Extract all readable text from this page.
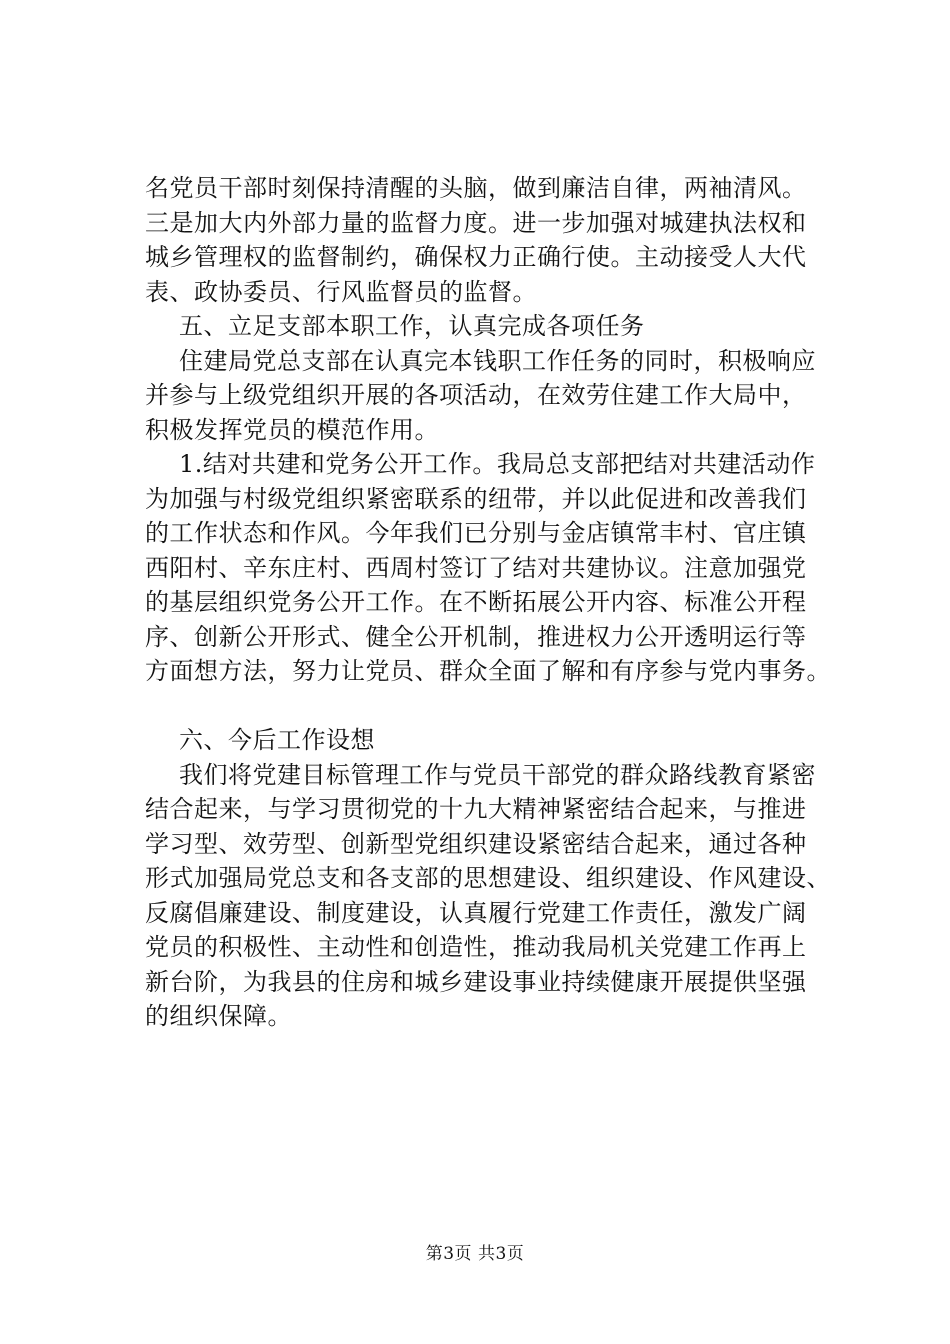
名党员干部时刻保持清醒的头脑，做到廉洁自律，两袖清风。
三是加大内外部力量的监督力度。进一步加强对城建执法权和
城乡管理权的监督制约，确保权力正确行使。主动接受人大代
表、政协委员、行风监督员的监督。
五、立足支部本职工作，认真完成各项任务
住建局党总支部在认真完本钱职工作任务的同时，积极响应
并参与上级党组织开展的各项活动，在效劳住建工作大局中，
积极发挥党员的模范作用。
1.结对共建和党务公开工作。我局总支部把结对共建活动作
为加强与村级党组织紧密联系的纽带，并以此促进和改善我们
的工作状态和作风。今年我们已分别与金店镇常丰村、官庄镇
西阳村、辛东庄村、西周村签订了结对共建协议。注意加强党
的基层组织党务公开工作。在不断拓展公开内容、标准公开程
序、创新公开形式、健全公开机制，推进权力公开透明运行等
方面想方法，努力让党员、群众全面了解和有序参与党内事务。
六、今后工作设想
我们将党建目标管理工作与党员干部党的群众路线教育紧密
结合起来，与学习贯彻党的十九大精神紧密结合起来，与推进
学习型、效劳型、创新型党组织建设紧密结合起来，通过各种
形式加强局党总支和各支部的思想建设、组织建设、作风建设、
反腐倡廉建设、制度建设，认真履行党建工作责任，激发广阔
党员的积极性、主动性和创造性，推动我局机关党建工作再上
新台阶，为我县的住房和城乡建设事业持续健康开展提供坚强
的组织保障。
第3页 共3页
